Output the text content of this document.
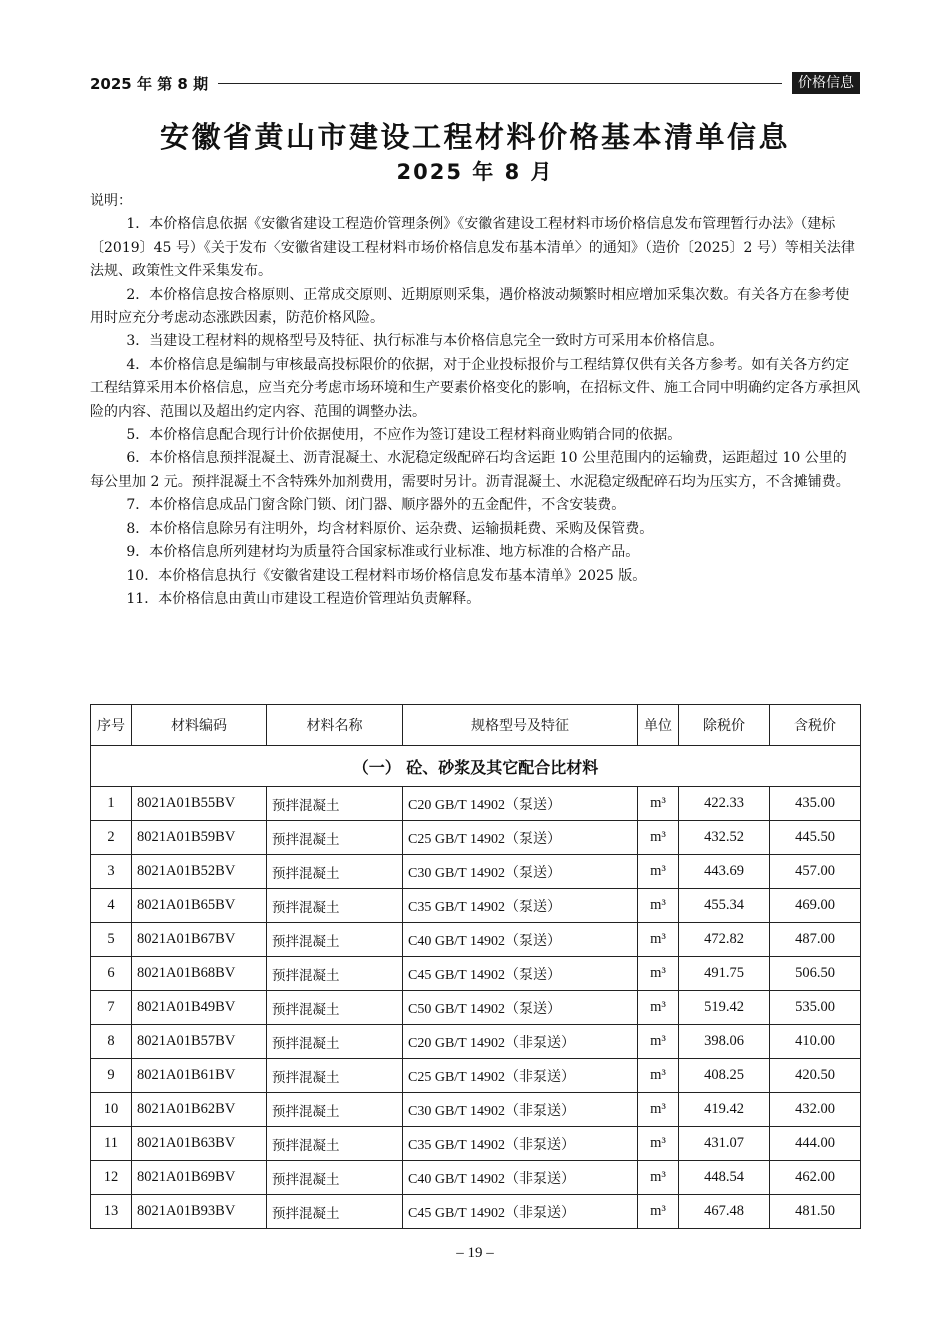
2025 年 第 8 期	价格信息
安徽省黄山市建设工程材料价格基本清单信息
2025 年 8 月

说明：

1．本价格信息依据《安徽省建设工程造价管理条例》《安徽省建设工程材料市场价格信息发布管理暂行办法》（建标〔2019〕45 号）《关于发布〈安徽省建设工程材料市场价格信息发布基本清单〉的通知》（造价〔2025〕2 号）等相关法律法规、政策性文件采集发布。

2．本价格信息按合格原则、正常成交原则、近期原则采集，遇价格波动频繁时相应增加采集次数。有关各方在参考使用时应充分考虑动态涨跌因素，防范价格风险。

3．当建设工程材料的规格型号及特征、执行标准与本价格信息完全一致时方可采用本价格信息。

4．本价格信息是编制与审核最高投标限价的依据，对于企业投标报价与工程结算仅供有关各方参考。如有关各方约定工程结算采用本价格信息，应当充分考虑市场环境和生产要素价格变化的影响，在招标文件、施工合同中明确约定各方承担风险的内容、范围以及超出约定内容、范围的调整办法。

5．本价格信息配合现行计价依据使用，不应作为签订建设工程材料商业购销合同的依据。

6．本价格信息预拌混凝土、沥青混凝土、水泥稳定级配碎石均含运距 10 公里范围内的运输费，运距超过 10 公里的每公里加 2 元。预拌混凝土不含特殊外加剂费用，需要时另计。沥青混凝土、水泥稳定级配碎石均为压实方，不含摊铺费。

7．本价格信息成品门窗含除门锁、闭门器、顺序器外的五金配件，不含安装费。

8．本价格信息除另有注明外，均含材料原价、运杂费、运输损耗费、采购及保管费。

9．本价格信息所列建材均为质量符合国家标准或行业标准、地方标准的合格产品。

10．本价格信息执行《安徽省建设工程材料市场价格信息发布基本清单》2025 版。

11．本价格信息由黄山市建设工程造价管理站负责解释。

序号	材料编码	材料名称	规格型号及特征	单位	除税价	含税价
（一） 砼、砂浆及其它配合比材料						
1	8021A01B55BV	预拌混凝土	C20 GB/T 14902（泵送）	m³	422.33	435.00
2	8021A01B59BV	预拌混凝土	C25 GB/T 14902（泵送）	m³	432.52	445.50
3	8021A01B52BV	预拌混凝土	C30 GB/T 14902（泵送）	m³	443.69	457.00
4	8021A01B65BV	预拌混凝土	C35 GB/T 14902（泵送）	m³	455.34	469.00
5	8021A01B67BV	预拌混凝土	C40 GB/T 14902（泵送）	m³	472.82	487.00
6	8021A01B68BV	预拌混凝土	C45 GB/T 14902（泵送）	m³	491.75	506.50
7	8021A01B49BV	预拌混凝土	C50 GB/T 14902（泵送）	m³	519.42	535.00
8	8021A01B57BV	预拌混凝土	C20 GB/T 14902（非泵送）	m³	398.06	410.00
9	8021A01B61BV	预拌混凝土	C25 GB/T 14902（非泵送）	m³	408.25	420.50
10	8021A01B62BV	预拌混凝土	C30 GB/T 14902（非泵送）	m³	419.42	432.00
11	8021A01B63BV	预拌混凝土	C35 GB/T 14902（非泵送）	m³	431.07	444.00
12	8021A01B69BV	预拌混凝土	C40 GB/T 14902（非泵送）	m³	448.54	462.00
13	8021A01B93BV	预拌混凝土	C45 GB/T 14902（非泵送）	m³	467.48	481.50
– 19 –
